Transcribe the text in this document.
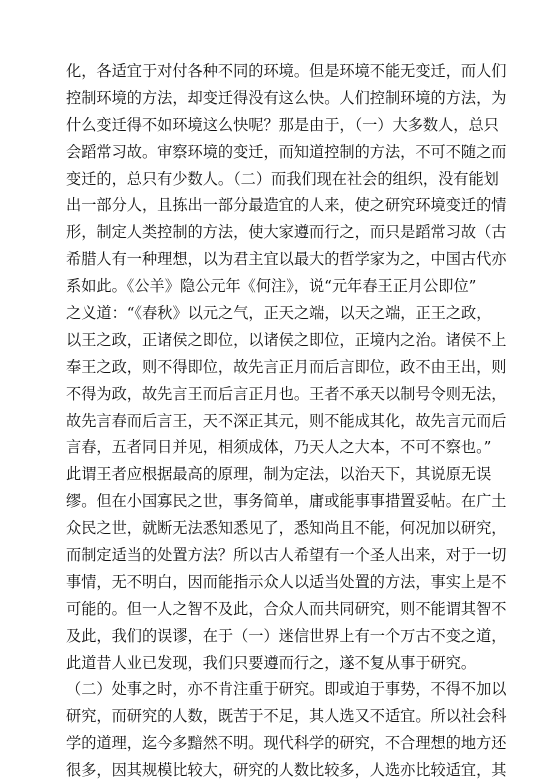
化，各适宜于对付各种不同的环境。但是环境不能无变迁，而人们
控制环境的方法，却变迁得没有这么快。人们控制环境的方法，为
什么变迁得不如环境这么快呢？那是由于，（一）大多数人，总只
会蹈常习故。审察环境的变迁，而知道控制的方法，不可不随之而
变迁的，总只有少数人。（二）而我们现在社会的组织，没有能划
出一部分人，且拣出一部分最造宜的人来，使之研究环境变迁的情
形，制定人类控制的方法，使大家遵而行之，而只是蹈常习故（古
希腊人有一种理想，以为君主宜以最大的哲学家为之，中国古代亦
系如此。《公羊》隐公元年《何注》，说“元年春王正月公即位”
之义道：“《春秋》以元之气，正天之端，以天之端，正王之政，
以王之政，正诸侯之即位，以诸侯之即位，正境内之治。诸侯不上
奉王之政，则不得即位，故先言正月而后言即位，政不由王出，则
不得为政，故先言王而后言正月也。王者不承天以制号令则无法，
故先言春而后言王，天不深正其元，则不能成其化，故先言元而后
言春，五者同日并见，相须成体，乃天人之大本，不可不察也。”
此谓王者应根据最高的原理，制为定法，以治天下，其说原无误
缪。但在小国寡民之世，事务简单，庸或能事事措置妥帖。在广土
众民之世，就断无法悉知悉见了，悉知尚且不能，何况加以研究，
而制定适当的处置方法？所以古人希望有一个圣人出来，对于一切
事情，无不明白，因而能指示众人以适当处置的方法，事实上是不
可能的。但一人之智不及此，合众人而共同研究，则不能谓其智不
及此，我们的误谬，在于（一）迷信世界上有一个万古不变之道，
此道昔人业已发现，我们只要遵而行之，遂不复从事于研究。
（二）处事之时，亦不肯注重于研究。即或迫于事势，不得不加以
研究，而研究的人数，既苦于不足，其人选又不适宜。所以社会科
学的道理，迄今多黯然不明。现代科学的研究，不合理想的地方还
很多，因其规模比较大，研究的人数比较多，人选亦比较适宜，其
